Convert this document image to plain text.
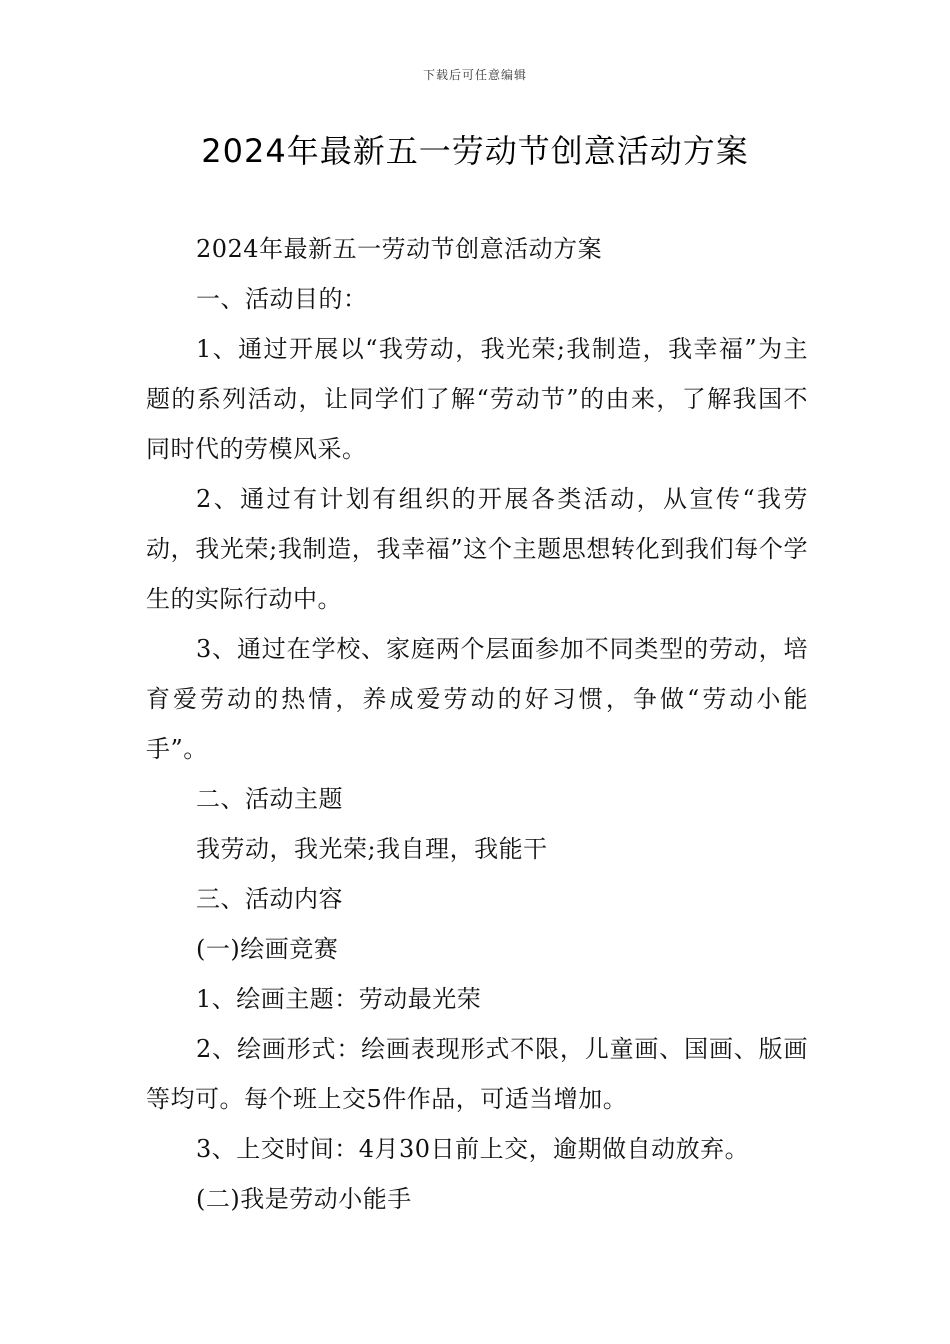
下载后可任意编辑
2024年最新五一劳动节创意活动方案

2024年最新五一劳动节创意活动方案

一、活动目的：

1、通过开展以“我劳动，我光荣;我制造，我幸福”为主题的系列活动，让同学们了解“劳动节”的由来，了解我国不同时代的劳模风采。

2、通过有计划有组织的开展各类活动，从宣传“我劳动，我光荣;我制造，我幸福”这个主题思想转化到我们每个学生的实际行动中。

3、通过在学校、家庭两个层面参加不同类型的劳动，培育爱劳动的热情，养成爱劳动的好习惯，争做“劳动小能手”。

二、活动主题

我劳动，我光荣;我自理，我能干

三、活动内容

(一)绘画竞赛

1、绘画主题：劳动最光荣

2、绘画形式：绘画表现形式不限，儿童画、国画、版画等均可。每个班上交5件作品，可适当增加。

3、上交时间：4月30日前上交，逾期做自动放弃。

(二)我是劳动小能手
